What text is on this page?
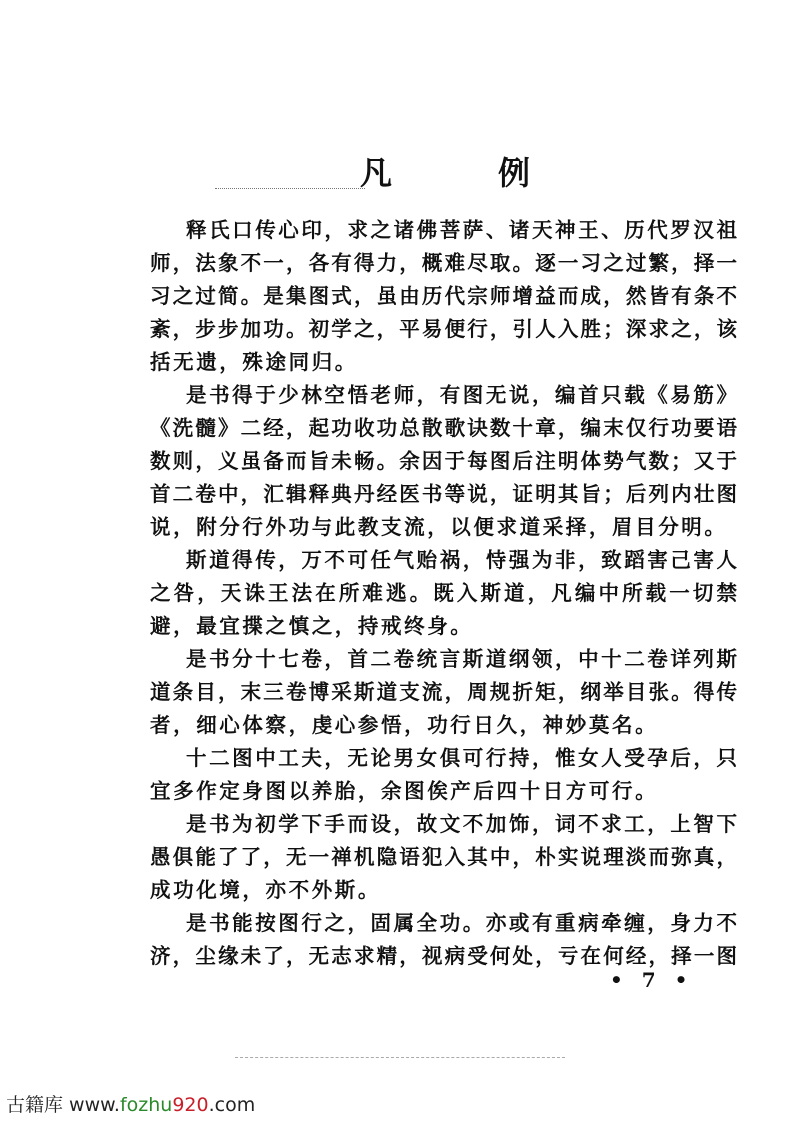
凡	例
释氏口传心印，求之诸佛菩萨、诸天神王、历代罗汉祖
师，法象不一，各有得力，概难尽取。逐一习之过繁，择一
习之过简。是集图式，虽由历代宗师增益而成，然皆有条不
紊，步步加功。初学之，平易便行，引人入胜；深求之，该
括无遗，殊途同归。
是书得于少林空悟老师，有图无说，编首只载《易筋》
《洗髓》二经，起功收功总散歌诀数十章，编末仅行功要语
数则，义虽备而旨未畅。余因于每图后注明体势气数；又于
首二卷中，汇辑释典丹经医书等说，证明其旨；后列内壮图
说，附分行外功与此教支流，以便求道采择，眉目分明。
斯道得传，万不可任气贻祸，恃强为非，致蹈害己害人
之咎，天诛王法在所难逃。既入斯道，凡编中所载一切禁
避，最宜揲之慎之，持戒终身。
是书分十七卷，首二卷统言斯道纲领，中十二卷详列斯
道条目，末三卷博采斯道支流，周规折矩，纲举目张。得传
者，细心体察，虔心参悟，功行日久，神妙莫名。
十二图中工夫，无论男女俱可行持，惟女人受孕后，只
宜多作定身图以养胎，余图俟产后四十日方可行。
是书为初学下手而设，故文不加饰，词不求工，上智下
愚俱能了了，无一禅机隐语犯入其中，朴实说理淡而弥真，
成功化境，亦不外斯。
是书能按图行之，固属全功。亦或有重病牵缠，身力不
济，尘缘未了，无志求精，视病受何处，亏在何经，择一图
• 7 •
古籍库 www.fozhu920.com
